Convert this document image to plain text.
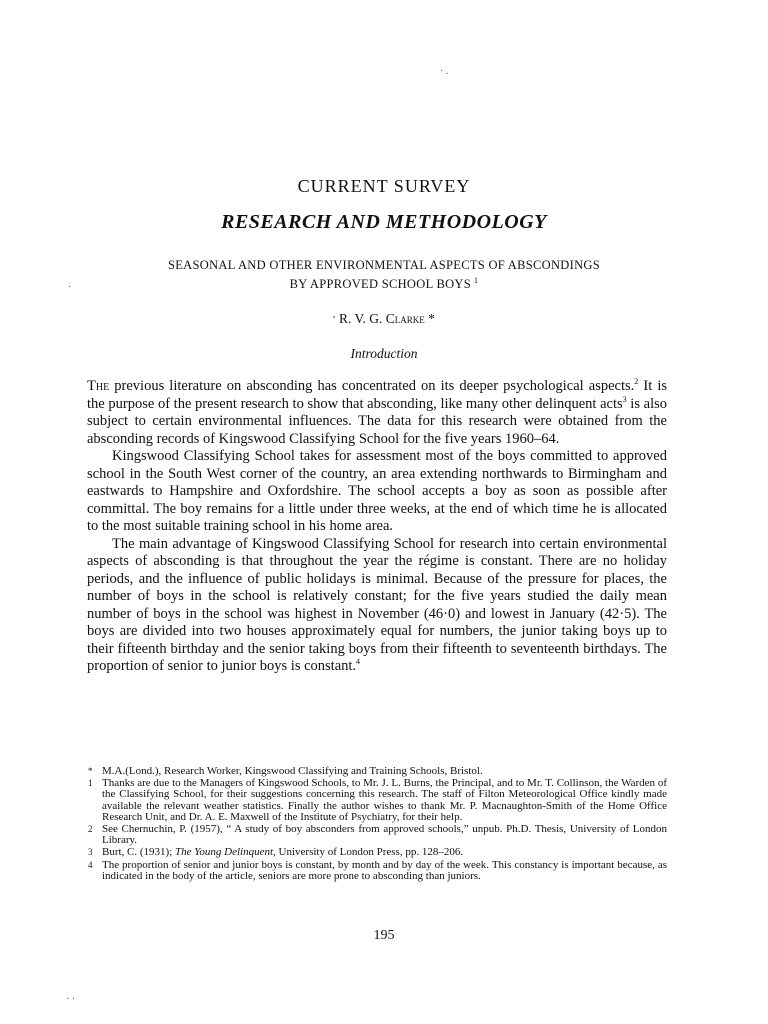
· .
·
· ·
CURRENT SURVEY
RESEARCH AND METHODOLOGY
SEASONAL AND OTHER ENVIRONMENTAL ASPECTS OF ABSCONDINGS
BY APPROVED SCHOOL BOYS $^1$
' R. V. G. Clarke *
Introduction

The previous literature on absconding has concentrated on its deeper psychological aspects.$^2$ It is the purpose of the present research to show that absconding, like many other delinquent acts$^3$ is also subject to certain environmental influences. The data for this research were obtained from the absconding records of Kingswood Classifying School for the five years 1960–64.

Kingswood Classifying School takes for assessment most of the boys committed to approved school in the South West corner of the country, an area extending northwards to Birmingham and eastwards to Hampshire and Oxfordshire. The school accepts a boy as soon as possible after committal. The boy remains for a little under three weeks, at the end of which time he is allocated to the most suitable training school in his home area.

The main advantage of Kingswood Classifying School for research into certain environmental aspects of absconding is that throughout the year the régime is constant. There are no holiday periods, and the influence of public holidays is minimal. Because of the pressure for places, the number of boys in the school is relatively constant; for the five years studied the daily mean number of boys in the school was highest in November (46·0) and lowest in January (42·5). The boys are divided into two houses approximately equal for numbers, the junior taking boys up to their fifteenth birthday and the senior taking boys from their fifteenth to seventeenth birthdays. The proportion of senior to junior boys is constant.$^4$

* M.A.(Lond.), Research Worker, Kingswood Classifying and Training Schools, Bristol.
1 Thanks are due to the Managers of Kingswood Schools, to Mr. J. L. Burns, the Principal, and to Mr. T. Collinson, the Warden of the Classifying School, for their suggestions concerning this research. The staff of Filton Meteorological Office kindly made available the relevant weather statistics. Finally the author wishes to thank Mr. P. Macnaughton-Smith of the Home Office Research Unit, and Dr. A. E. Maxwell of the Institute of Psychiatry, for their help.
2 See Chernuchin, P. (1957), “ A study of boy absconders from approved schools,” unpub. Ph.D. Thesis, University of London Library.
3 Burt, C. (1931); The Young Delinquent, University of London Press, pp. 128–206.
4 The proportion of senior and junior boys is constant, by month and by day of the week. This constancy is important because, as indicated in the body of the article, seniors are more prone to absconding than juniors.
195
